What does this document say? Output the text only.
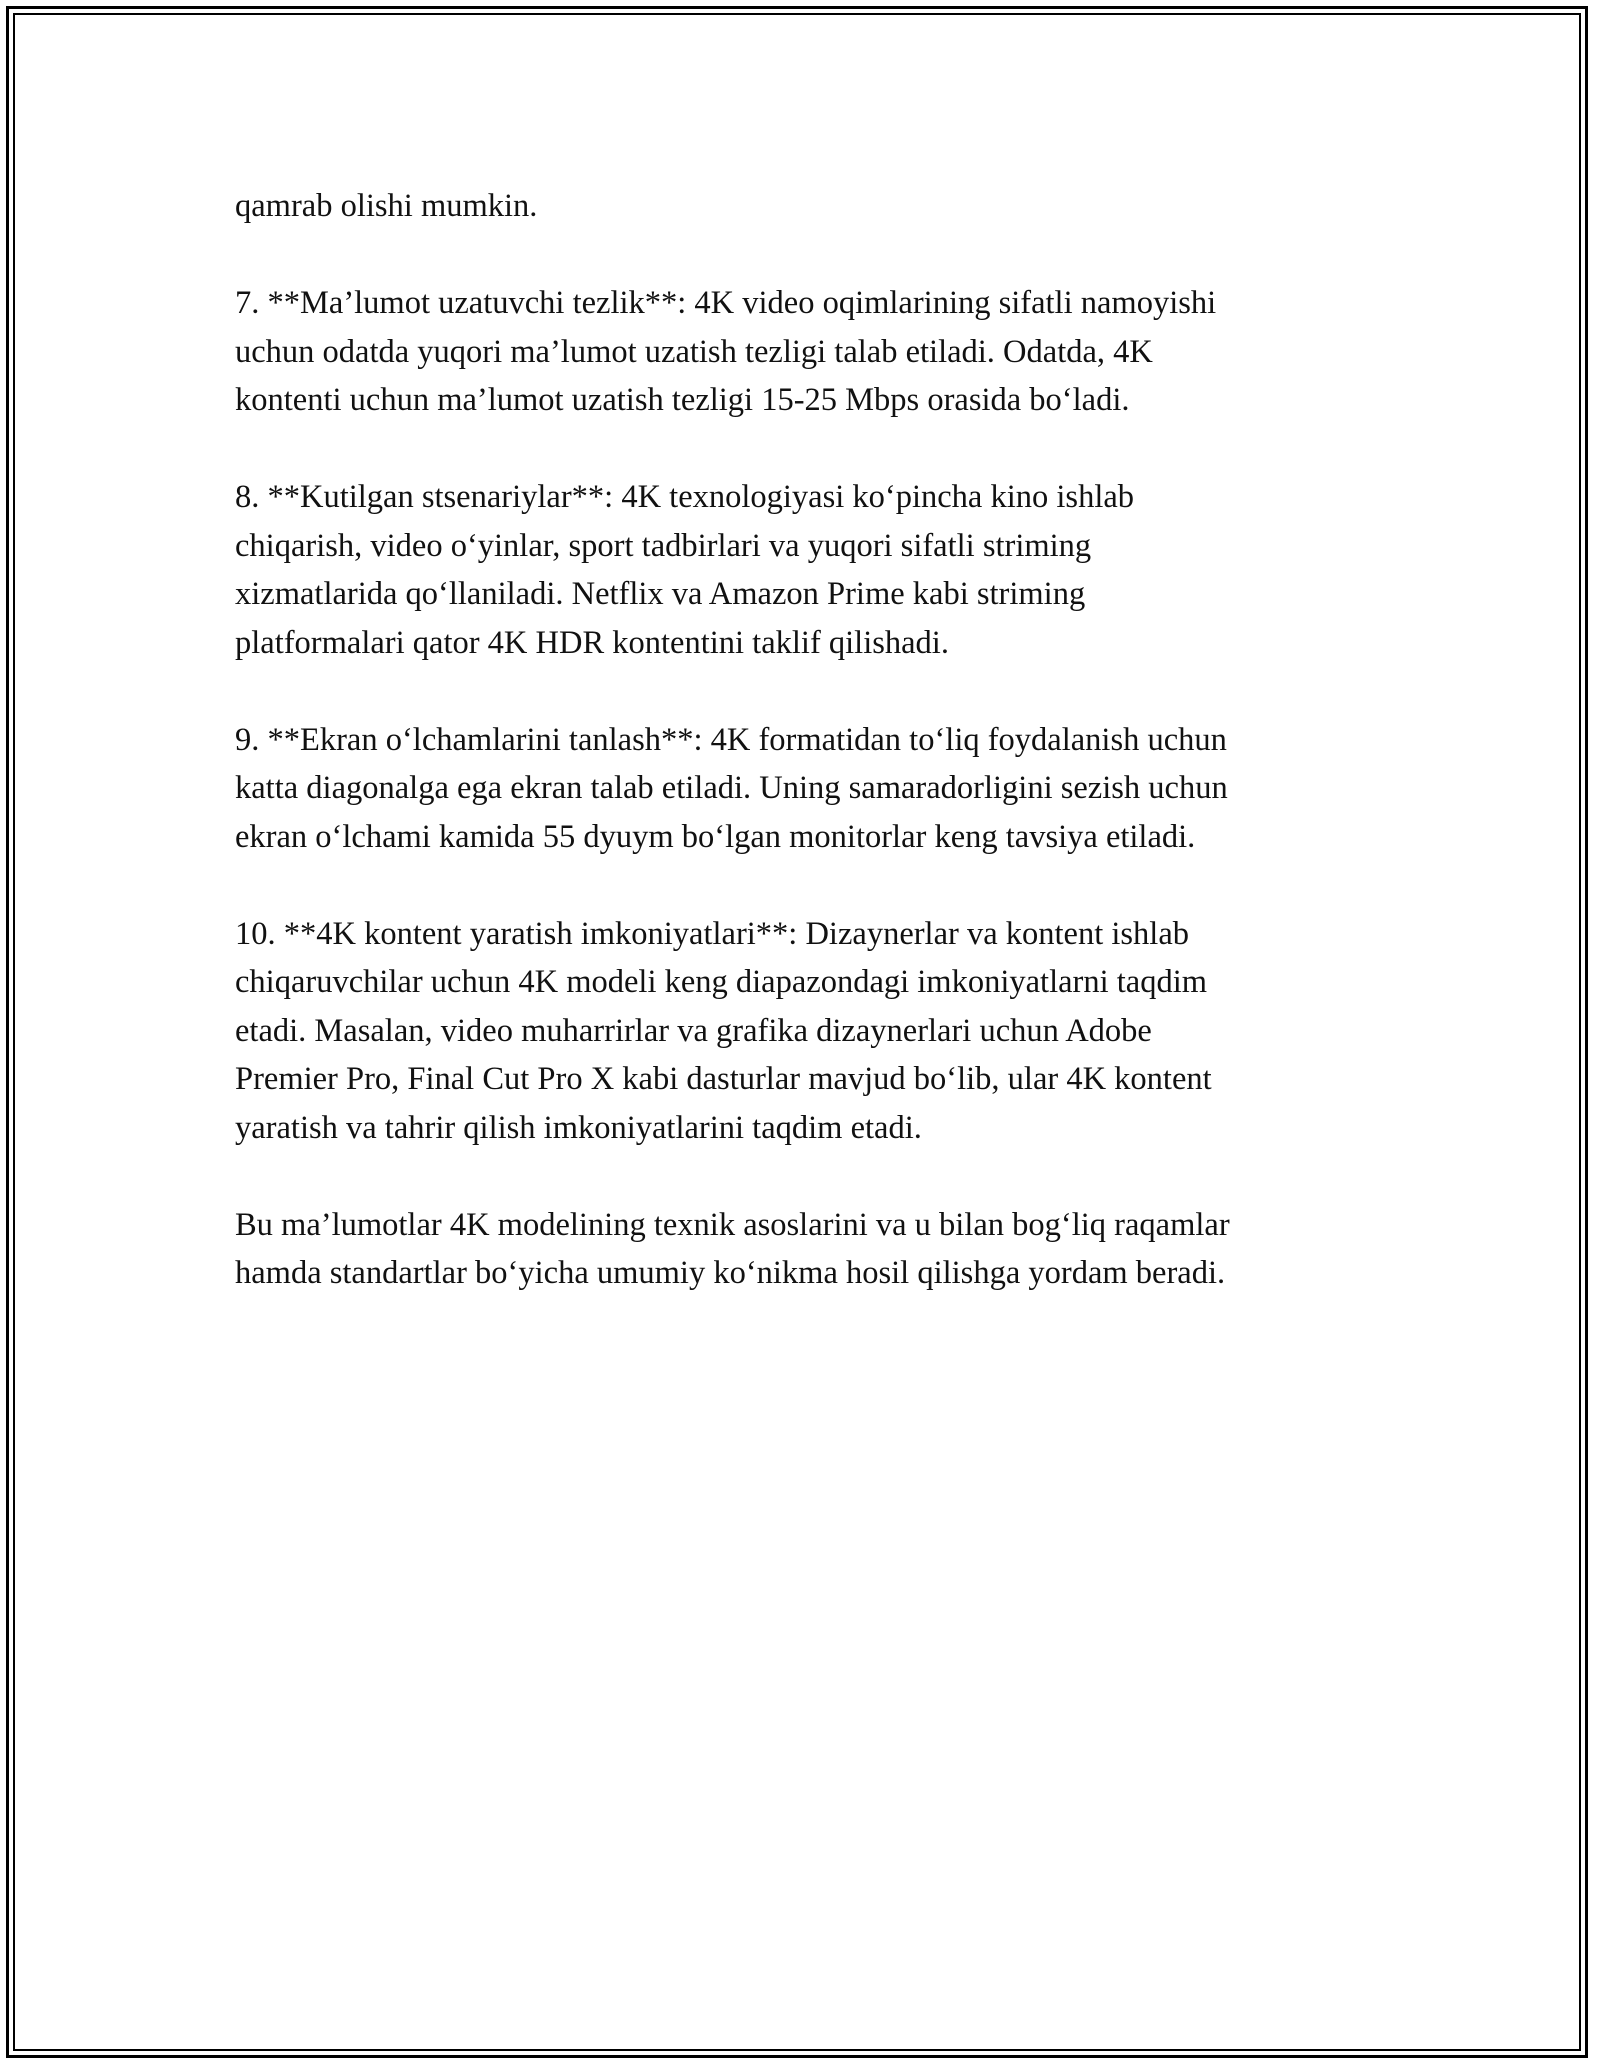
qamrab olishi mumkin.

7. **Ma’lumot uzatuvchi tezlik**: 4K video oqimlarining sifatli namoyishi
uchun odatda yuqori ma’lumot uzatish tezligi talab etiladi. Odatda, 4K
kontenti uchun ma’lumot uzatish tezligi 15-25 Mbps orasida bo‘ladi.

8. **Kutilgan stsenariylar**: 4K texnologiyasi ko‘pincha kino ishlab
chiqarish, video o‘yinlar, sport tadbirlari va yuqori sifatli striming
xizmatlarida qo‘llaniladi. Netflix va Amazon Prime kabi striming
platformalari qator 4K HDR kontentini taklif qilishadi.

9. **Ekran o‘lchamlarini tanlash**: 4K formatidan to‘liq foydalanish uchun
katta diagonalga ega ekran talab etiladi. Uning samaradorligini sezish uchun
ekran o‘lchami kamida 55 dyuym bo‘lgan monitorlar keng tavsiya etiladi.

10. **4K kontent yaratish imkoniyatlari**: Dizaynerlar va kontent ishlab
chiqaruvchilar uchun 4K modeli keng diapazondagi imkoniyatlarni taqdim
etadi. Masalan, video muharrirlar va grafika dizaynerlari uchun Adobe
Premier Pro, Final Cut Pro X kabi dasturlar mavjud bo‘lib, ular 4K kontent
yaratish va tahrir qilish imkoniyatlarini taqdim etadi.

Bu ma’lumotlar 4K modelining texnik asoslarini va u bilan bog‘liq raqamlar
hamda standartlar bo‘yicha umumiy ko‘nikma hosil qilishga yordam beradi.
